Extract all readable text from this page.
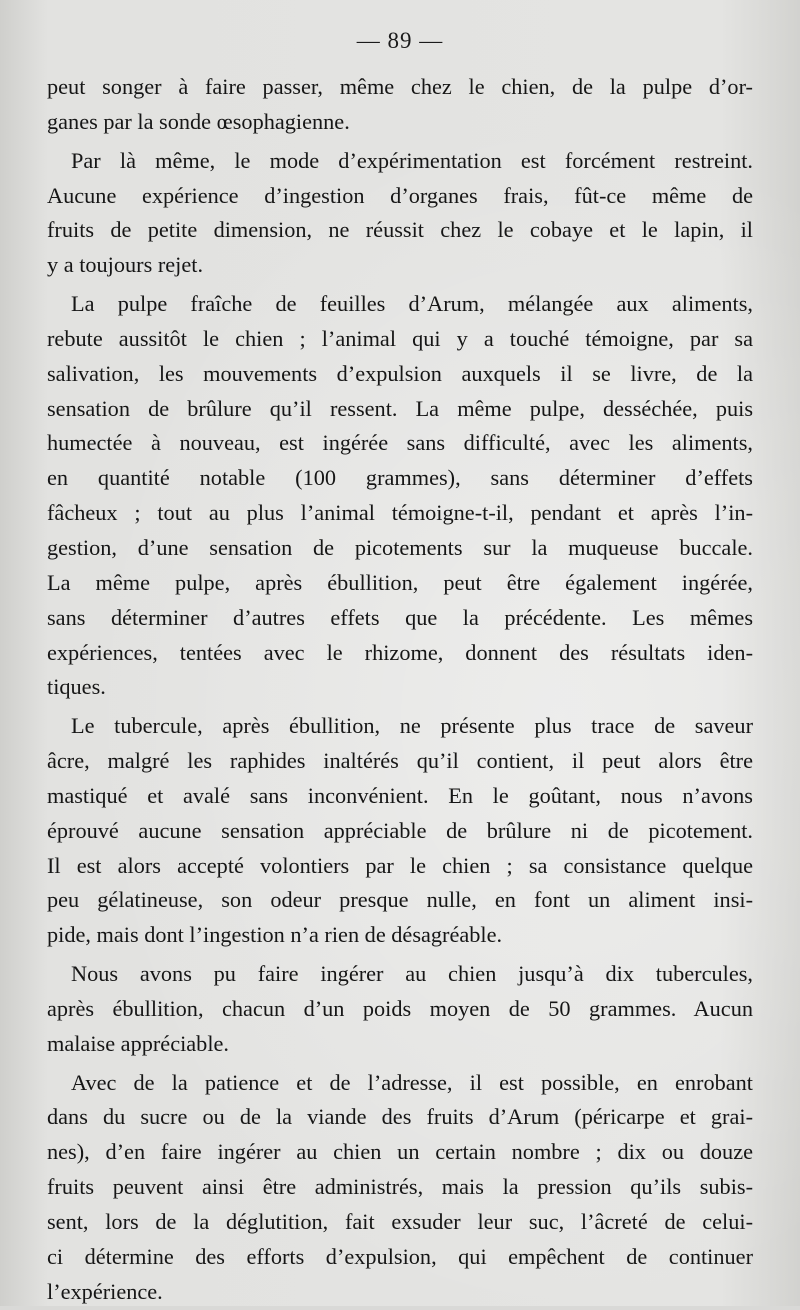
— 89 —
peut songer à faire passer, même chez le chien, de la pulpe d’or-
ganes par la sonde œsophagienne.
Par là même, le mode d’expérimentation est forcément restreint.
Aucune expérience d’ingestion d’organes frais, fût-ce même de
fruits de petite dimension, ne réussit chez le cobaye et le lapin, il
y a toujours rejet.
La pulpe fraîche de feuilles d’Arum, mélangée aux aliments,
rebute aussitôt le chien ; l’animal qui y a touché témoigne, par sa
salivation, les mouvements d’expulsion auxquels il se livre, de la
sensation de brûlure qu’il ressent. La même pulpe, desséchée, puis
humectée à nouveau, est ingérée sans difficulté, avec les aliments,
en quantité notable (100 grammes), sans déterminer d’effets
fâcheux ; tout au plus l’animal témoigne-t-il, pendant et après l’in-
gestion, d’une sensation de picotements sur la muqueuse buccale.
La même pulpe, après ébullition, peut être également ingérée,
sans déterminer d’autres effets que la précédente. Les mêmes
expériences, tentées avec le rhizome, donnent des résultats iden-
tiques.
Le tubercule, après ébullition, ne présente plus trace de saveur
âcre, malgré les raphides inaltérés qu’il contient, il peut alors être
mastiqué et avalé sans inconvénient. En le goûtant, nous n’avons
éprouvé aucune sensation appréciable de brûlure ni de picotement.
Il est alors accepté volontiers par le chien ; sa consistance quelque
peu gélatineuse, son odeur presque nulle, en font un aliment insi-
pide, mais dont l’ingestion n’a rien de désagréable.
Nous avons pu faire ingérer au chien jusqu’à dix tubercules,
après ébullition, chacun d’un poids moyen de 50 grammes. Aucun
malaise appréciable.
Avec de la patience et de l’adresse, il est possible, en enrobant
dans du sucre ou de la viande des fruits d’Arum (péricarpe et grai-
nes), d’en faire ingérer au chien un certain nombre ; dix ou douze
fruits peuvent ainsi être administrés, mais la pression qu’ils subis-
sent, lors de la déglutition, fait exsuder leur suc, l’âcreté de celui-
ci détermine des efforts d’expulsion, qui empêchent de continuer
l’expérience.
